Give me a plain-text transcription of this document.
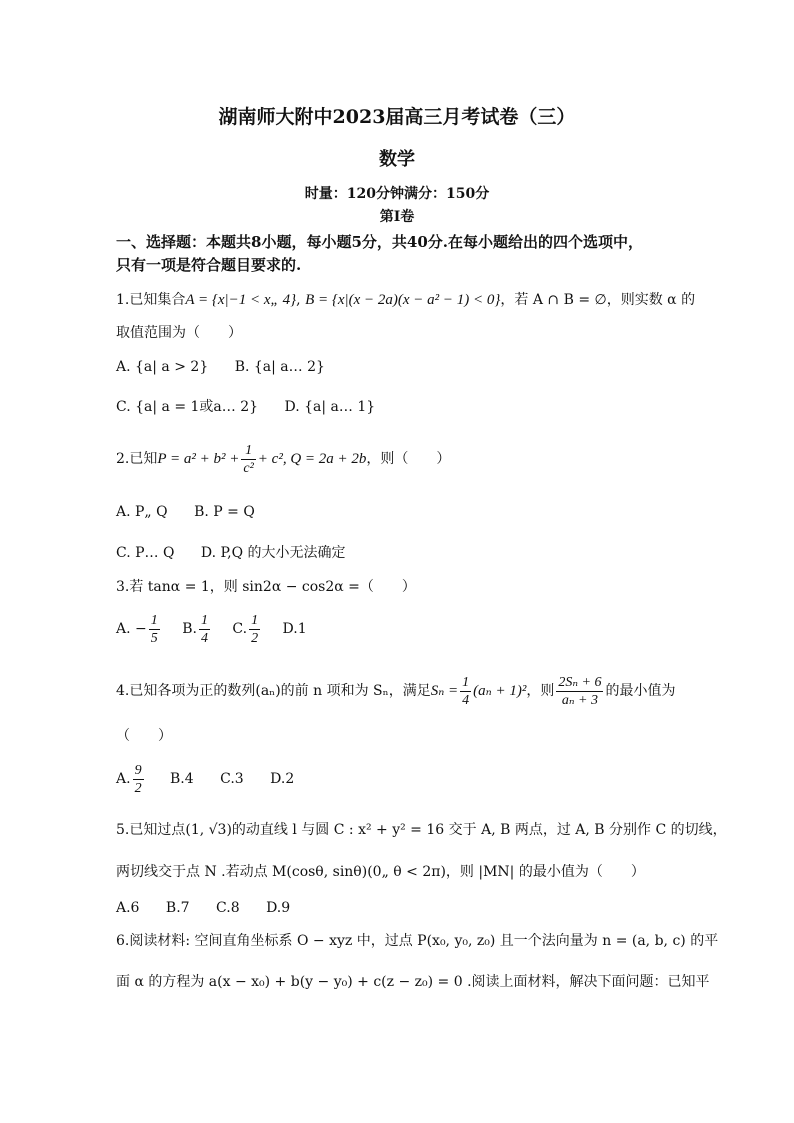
湖南师大附中2023届高三月考试卷（三）
数学
时量：120分钟满分：150分
第I卷
一、选择题：本题共8小题，每小题5分，共40分.在每小题给出的四个选项中，
只有一项是符合题目要求的.
1.已知集合A = {x|−1 < x„ 4}, B = {x|(x − 2a)(x − a² − 1) < 0}，若 A ∩ B = ∅，则实数 α 的
取值范围为（　　）
A. {a| a > 2} B. {a| a… 2}
C. {a| a = 1或a… 2} D. {a| a… 1}
2.已知$P = a^2 + b^2 + \frac{1}{\text{c²}} + c^2$, Q = 2a + 2b，则（　　）
A. P„ Q B. P = Q
C. P… Q D. P,Q 的大小无法确定
3.若 tanα = 1，则 sin2α − cos2α =（　　）
A. − $\frac{1}{5} B$. $\frac{1}{4} C$. $\frac{1}{2} D.1$
4.已知各项为正的数列(aₙ)的前 n 项和为 Sₙ，满足$S_n = \frac{1}{4} (a_n + 1)^2$，则 $\frac{\text{2Sₙ + 6}}{\text{aₙ + 3}}$ 的最小值为
（　　）
A. $\frac{9}{2} B.4$ C.3 D.2
5.已知过点(1, √3)的动直线 l 与圆 C : x² + y² = 16 交于 A, B 两点，过 A, B 分别作 C 的切线，
两切线交于点 N .若动点 M(cosθ, sinθ)(0„ θ < 2π)，则 |MN| 的最小值为（　　）
A.6 B.7 C.8 D.9
6.阅读材料: 空间直角坐标系 O − xyz 中，过点 P(x₀, y₀, z₀) 且一个法向量为 n = (a, b, c) 的平
面 α 的方程为 a(x − x₀) + b(y − y₀) + c(z − z₀) = 0 .阅读上面材料，解决下面问题：已知平
